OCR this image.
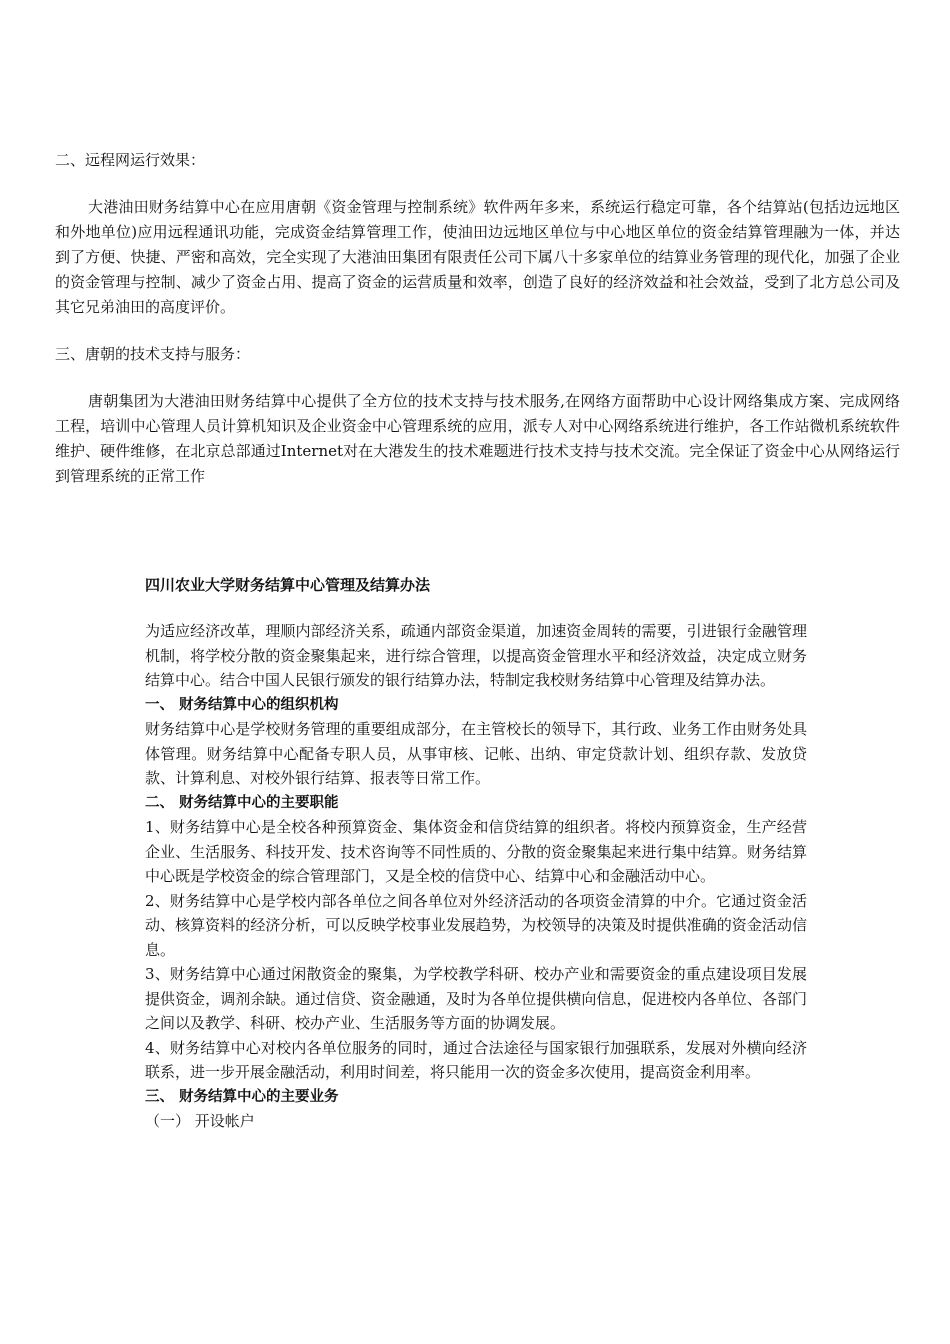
二、远程网运行效果：

大港油田财务结算中心在应用唐朝《资金管理与控制系统》软件两年多来，系统运行稳定可靠，各个结算站(包括边远地区和外地单位)应用远程通讯功能，完成资金结算管理工作，使油田边远地区单位与中心地区单位的资金结算管理融为一体，并达到了方便、快捷、严密和高效，完全实现了大港油田集团有限责任公司下属八十多家单位的结算业务管理的现代化，加强了企业的资金管理与控制、减少了资金占用、提高了资金的运营质量和效率，创造了良好的经济效益和社会效益，受到了北方总公司及其它兄弟油田的高度评价。

三、唐朝的技术支持与服务：

唐朝集团为大港油田财务结算中心提供了全方位的技术支持与技术服务,在网络方面帮助中心设计网络集成方案、完成网络工程，培训中心管理人员计算机知识及企业资金中心管理系统的应用，派专人对中心网络系统进行维护，各工作站微机系统软件维护、硬件维修，在北京总部通过Internet对在大港发生的技术难题进行技术支持与技术交流。完全保证了资金中心从网络运行到管理系统的正常工作

四川农业大学财务结算中心管理及结算办法

为适应经济改革，理顺内部经济关系，疏通内部资金渠道，加速资金周转的需要，引进银行金融管理机制，将学校分散的资金聚集起来，进行综合管理，以提高资金管理水平和经济效益，决定成立财务结算中心。结合中国人民银行颁发的银行结算办法，特制定我校财务结算中心管理及结算办法。

一、 财务结算中心的组织机构

财务结算中心是学校财务管理的重要组成部分，在主管校长的领导下，其行政、业务工作由财务处具体管理。财务结算中心配备专职人员，从事审核、记帐、出纳、审定贷款计划、组织存款、发放贷款、计算利息、对校外银行结算、报表等日常工作。

二、 财务结算中心的主要职能

1、财务结算中心是全校各种预算资金、集体资金和信贷结算的组织者。将校内预算资金，生产经营企业、生活服务、科技开发、技术咨询等不同性质的、分散的资金聚集起来进行集中结算。财务结算中心既是学校资金的综合管理部门，又是全校的信贷中心、结算中心和金融活动中心。

2、财务结算中心是学校内部各单位之间各单位对外经济活动的各项资金清算的中介。它通过资金活动、核算资料的经济分析，可以反映学校事业发展趋势，为校领导的决策及时提供准确的资金活动信息。

3、财务结算中心通过闲散资金的聚集，为学校教学科研、校办产业和需要资金的重点建设项目发展提供资金，调剂余缺。通过信贷、资金融通，及时为各单位提供横向信息，促进校内各单位、各部门之间以及教学、科研、校办产业、生活服务等方面的协调发展。

4、财务结算中心对校内各单位服务的同时，通过合法途径与国家银行加强联系，发展对外横向经济联系，进一步开展金融活动，利用时间差，将只能用一次的资金多次使用，提高资金利用率。

三、 财务结算中心的主要业务

（一） 开设帐户
